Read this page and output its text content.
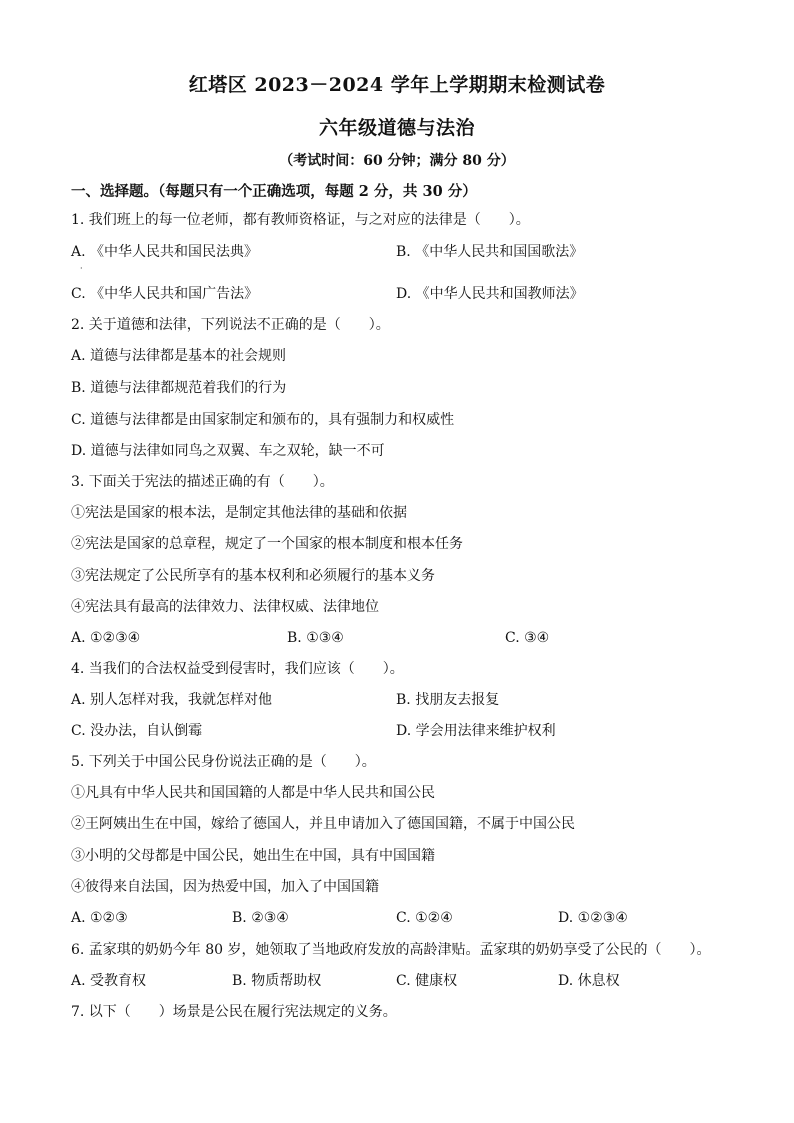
红塔区 2023－2024 学年上学期期末检测试卷
六年级道德与法治
（考试时间：60 分钟；满分 80 分）
一、选择题。（每题只有一个正确选项，每题 2 分，共 30 分）
1. 我们班上的每一位老师，都有教师资格证，与之对应的法律是（　　）。
A. 《中华人民共和国民法典》
·
B. 《中华人民共和国国歌法》
C. 《中华人民共和国广告法》	D. 《中华人民共和国教师法》
2. 关于道德和法律，下列说法不正确的是（　　）。
A. 道德与法律都是基本的社会规则
B. 道德与法律都规范着我们的行为
C. 道德与法律都是由国家制定和颁布的，具有强制力和权威性
D. 道德与法律如同鸟之双翼、车之双轮，缺一不可
3. 下面关于宪法的描述正确的有（　　）。
①宪法是国家的根本法，是制定其他法律的基础和依据
②宪法是国家的总章程，规定了一个国家的根本制度和根本任务
③宪法规定了公民所享有的基本权利和必须履行的基本义务
④宪法具有最高的法律效力、法律权威、法律地位
A. ①②③④	B. ①③④	C. ③④
4. 当我们的合法权益受到侵害时，我们应该（　　）。
A. 别人怎样对我，我就怎样对他	B. 找朋友去报复
C. 没办法，自认倒霉	D. 学会用法律来维护权利
5. 下列关于中国公民身份说法正确的是（　　）。
①凡具有中华人民共和国国籍的人都是中华人民共和国公民
②王阿姨出生在中国，嫁给了德国人，并且申请加入了德国国籍，不属于中国公民
③小明的父母都是中国公民，她出生在中国，具有中国国籍
④彼得来自法国，因为热爱中国，加入了中国国籍
A. ①②③	B. ②③④	C. ①②④	D. ①②③④
6. 孟家琪的奶奶今年 80 岁，她领取了当地政府发放的高龄津贴。孟家琪的奶奶享受了公民的（　　）。
A. 受教育权	B. 物质帮助权	C. 健康权	D. 休息权
7. 以下（　　）场景是公民在履行宪法规定的义务。
